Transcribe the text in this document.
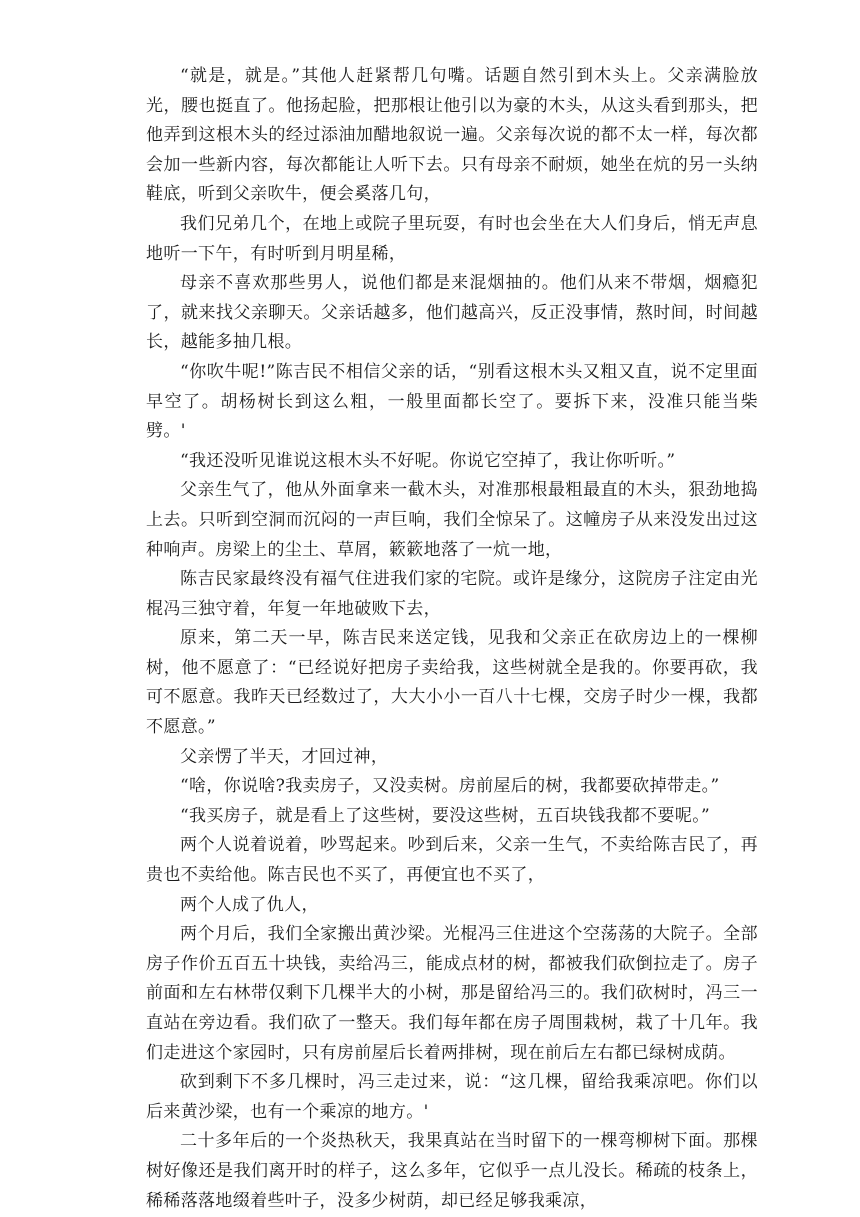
“就是，就是。”其他人赶紧帮几句嘴。话题自然引到木头上。父亲满脸放光，腰也挺直了。他扬起脸，把那根让他引以为豪的木头，从这头看到那头，把他弄到这根木头的经过添油加醋地叙说一遍。父亲每次说的都不太一样，每次都会加一些新内容，每次都能让人听下去。只有母亲不耐烦，她坐在炕的另一头纳鞋底，听到父亲吹牛，便会奚落几句，

我们兄弟几个，在地上或院子里玩耍，有时也会坐在大人们身后，悄无声息地听一下午，有时听到月明星稀，

母亲不喜欢那些男人，说他们都是来混烟抽的。他们从来不带烟，烟瘾犯了，就来找父亲聊天。父亲话越多，他们越高兴，反正没事情，熬时间，时间越长，越能多抽几根。

“你吹牛呢!”陈吉民不相信父亲的话，“别看这根木头又粗又直，说不定里面早空了。胡杨树长到这么粗，一般里面都长空了。要拆下来，没准只能当柴劈。'

“我还没听见谁说这根木头不好呢。你说它空掉了，我让你听听。”

父亲生气了，他从外面拿来一截木头，对准那根最粗最直的木头，狠劲地捣上去。只听到空洞而沉闷的一声巨响，我们全惊呆了。这幢房子从来没发出过这种响声。房梁上的尘土、草屑，簌簌地落了一炕一地，

陈吉民家最终没有福气住进我们家的宅院。或许是缘分，这院房子注定由光棍冯三独守着，年复一年地破败下去，

原来，第二天一早，陈吉民来送定钱，见我和父亲正在砍房边上的一棵柳树，他不愿意了：“已经说好把房子卖给我，这些树就全是我的。你要再砍，我可不愿意。我昨天已经数过了，大大小小一百八十七棵，交房子时少一棵，我都不愿意。”

父亲愣了半天，才回过神，

“啥，你说啥?我卖房子，又没卖树。房前屋后的树，我都要砍掉带走。”

“我买房子，就是看上了这些树，要没这些树，五百块钱我都不要呢。”

两个人说着说着，吵骂起来。吵到后来，父亲一生气，不卖给陈吉民了，再贵也不卖给他。陈吉民也不买了，再便宜也不买了，

两个人成了仇人，

两个月后，我们全家搬出黄沙梁。光棍冯三住进这个空荡荡的大院子。全部房子作价五百五十块钱，卖给冯三，能成点材的树，都被我们砍倒拉走了。房子前面和左右林带仅剩下几棵半大的小树，那是留给冯三的。我们砍树时，冯三一直站在旁边看。我们砍了一整天。我们每年都在房子周围栽树，栽了十几年。我们走进这个家园时，只有房前屋后长着两排树，现在前后左右都已绿树成荫。

砍到剩下不多几棵时，冯三走过来，说：“这几棵，留给我乘凉吧。你们以后来黄沙梁，也有一个乘凉的地方。'

二十多年后的一个炎热秋天，我果真站在当时留下的一棵弯柳树下面。那棵树好像还是我们离开时的样子，这么多年，它似乎一点儿没长。稀疏的枝条上，稀稀落落地缀着些叶子，没多少树荫，却已经足够我乘凉，
